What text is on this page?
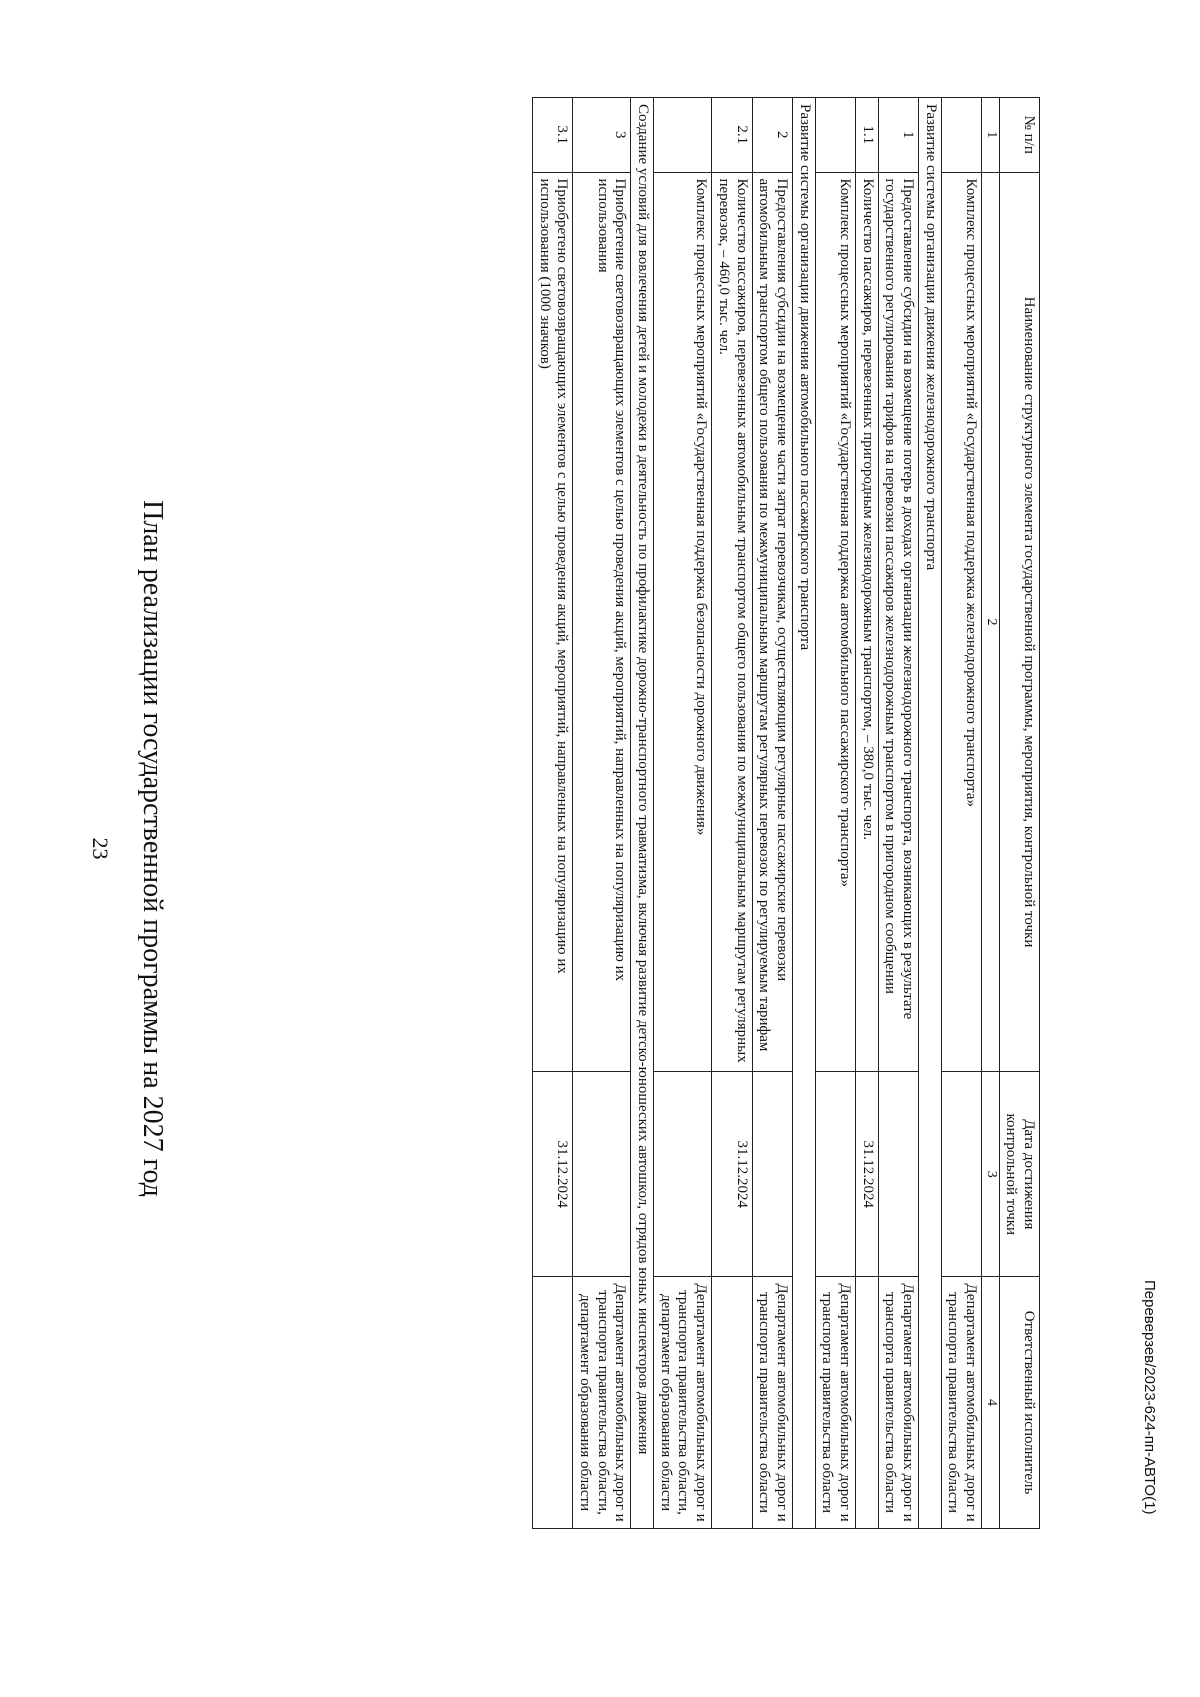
23 План реализации государственной программы на 2027 год
№ п/п	Наименование структурного элемента государственной программы, мероприятия, контрольной точки	Дата достижения контрольной точки	Ответственный исполнитель
1	2	3	4
	Комплекс процессных мероприятий «Государственная поддержка железнодорожного транспорта»		Департамент автомобильных дорог и транспорта правительства области
Развитие системы организации движения железнодорожного транспорта			
1	Предоставление субсидии на возмещение потерь в доходах организации железнодорожного транспорта, возникающих в результате государственного регулирования тарифов на перевозки пассажиров железнодорожным транспортом в пригородном сообщении		Департамент автомобильных дорог и транспорта правительства области
1.1	Количество пассажиров, перевезенных пригородным железнодорожным транспортом, – 380,0 тыс. чел.	31.12.2024	
	Комплекс процессных мероприятий «Государственная поддержка автомобильного пассажирского транспорта»		Департамент автомобильных дорог и транспорта правительства области
Развитие системы организации движения автомобильного пассажирского транспорта			
2	Предоставления субсидии на возмещение части затрат перевозчикам, осуществляющим регулярные пассажирские перевозки автомобильным транспортом общего пользования по межмуниципальным маршрутам регулярных перевозок по регулируемым тарифам		Департамент автомобильных дорог и транспорта правительства области
2.1	Количество пассажиров, перевезенных автомобильным транспортом общего пользования по межмуниципальным маршрутам регулярных перевозок, – 460,0 тыс. чел.	31.12.2024	
	Комплекс процессных мероприятий «Государственная поддержка безопасности дорожного движения»		Департамент автомобильных дорог и транспорта правительства области, департамент образования области
Создание условий для вовлечения детей и молодежи в деятельность по профилактике дорожно-транспортного травматизма, включая развитие детско-юношеских автошкол, отрядов юных инспекторов движения			
3	Приобретение световозвращающих элементов с целью проведения акций, мероприятий, направленных на популяризацию их использования		Департамент автомобильных дорог и транспорта правительства области, департамент образования области
3.1	Приобретено световозвращающих элементов с целью проведения акций, мероприятий, направленных на популяризацию их использования (1000 значков)	31.12.2024	
Переверзев/2023-624-пп-АВТО(1)
